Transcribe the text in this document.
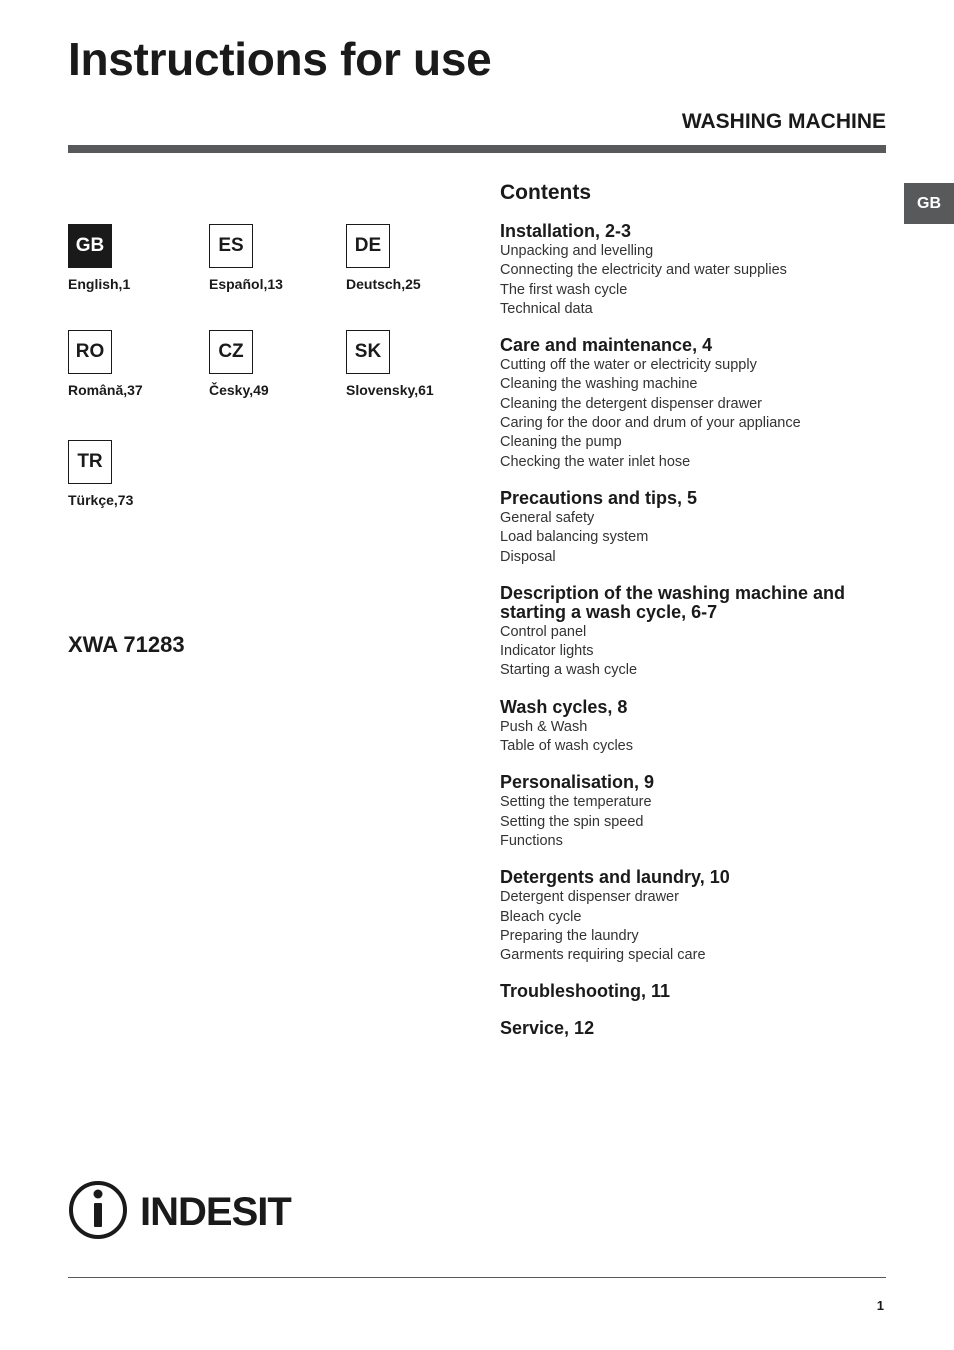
Instructions for use
WASHING MACHINE
GB
GB
English,1
ES
Español,13
DE
Deutsch,25
RO
Română,37
CZ
Česky,49
SK
Slovensky,61
TR
Türkçe,73
XWA 71283
Contents
Installation, 2-3
Unpacking and levelling
Connecting the electricity and water supplies
The first wash cycle
Technical data
Care and maintenance, 4
Cutting off the water or electricity supply
Cleaning the washing machine
Cleaning the detergent dispenser drawer
Caring for the door and drum of your appliance
Cleaning the pump
Checking the water inlet hose
Precautions and tips, 5
General safety
Load balancing system
Disposal
Description of the washing machine and starting a wash cycle, 6-7
Control panel
Indicator lights
Starting a wash cycle
Wash cycles, 8
Push & Wash
Table of wash cycles
Personalisation, 9
Setting the temperature
Setting the spin speed
Functions
Detergents and laundry, 10
Detergent dispenser drawer
Bleach cycle
Preparing the laundry
Garments requiring special care
Troubleshooting, 11
Service, 12
INDESIT
1
